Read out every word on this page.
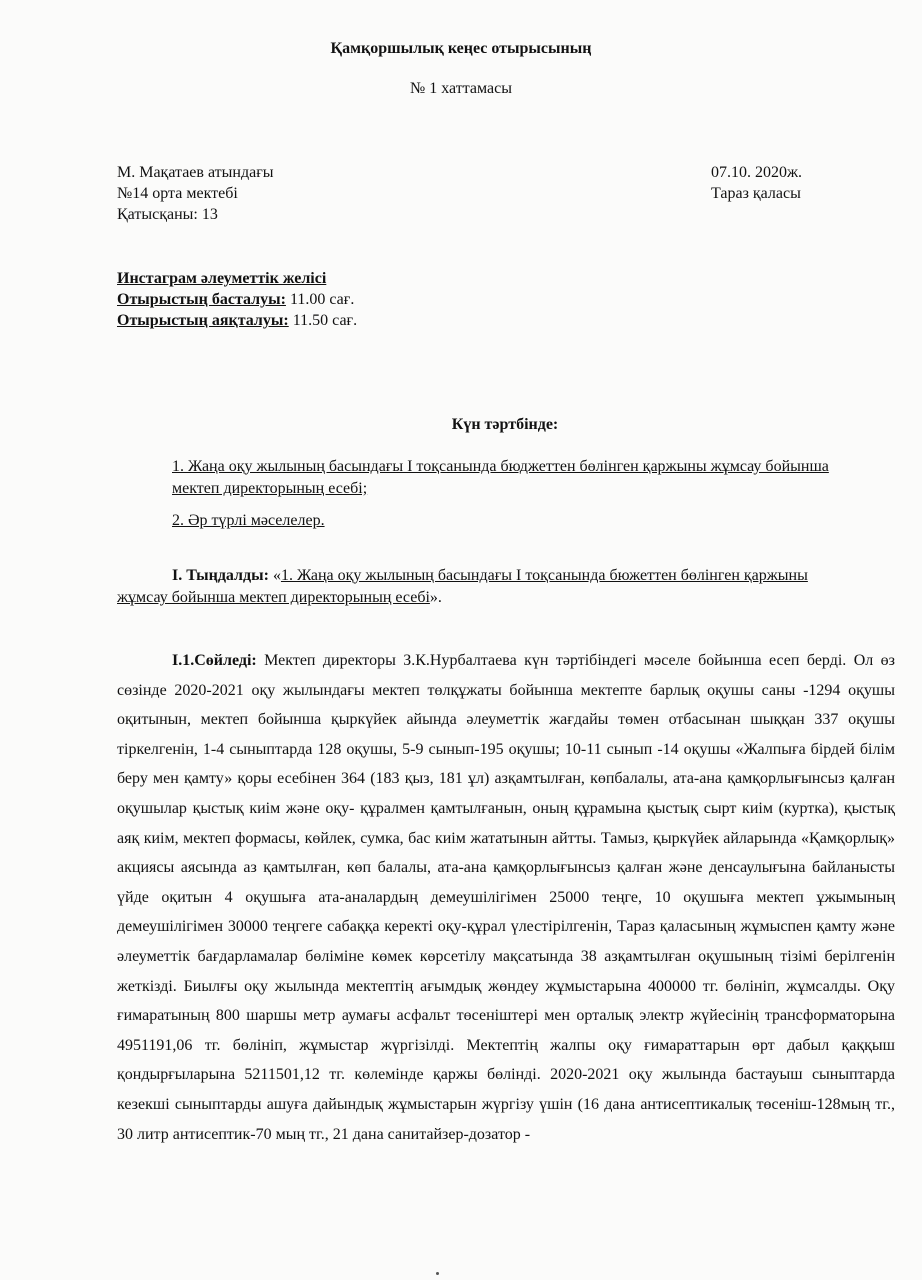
Қамқоршылық кеңес отырысының
№ 1 хаттамасы
М. Мақатаев атындағы
№14 орта мектебі
Қатысқаны: 13
07.10. 2020ж.
Тараз қаласы
Инстаграм әлеуметтік желісі
Отырыстың басталуы: 11.00 сағ.
Отырыстың аяқталуы: 11.50 сағ.
Күн тәртбінде:

1. Жаңа оқу жылының басындағы І тоқсанында бюджеттен бөлінген қаржыны жұмсау бойынша мектеп директорының есебі;

2. Әр түрлі мәселелер.

I. Тыңдалды: «1. Жаңа оқу жылының басындағы І тоқсанында бюжеттен бөлінген қаржыны жұмсау бойынша мектеп директорының есебі».
I.1.Сөйледі: Мектеп директоры З.К.Нурбалтаева күн тәртібіндегі мәселе бойынша есеп берді. Ол өз сөзінде 2020-2021 оқу жылындағы мектеп төлқұжаты бойынша мектепте барлық оқушы саны -1294 оқушы оқитынын, мектеп бойынша қыркүйек айында әлеуметтік жағдайы төмен отбасынан шыққан 337 оқушы тіркелгенін, 1-4 сыныптарда 128 оқушы, 5-9 сынып-195 оқушы; 10-11 сынып -14 оқушы «Жалпыға бірдей білім беру мен қамту» қоры есебінен 364 (183 қыз, 181 ұл) азқамтылған, көпбалалы, ата-ана қамқорлығынсыз қалған оқушылар қыстық киім және оқу- құралмен қамтылғанын, оның құрамына қыстық сырт киім (куртка), қыстық аяқ киім, мектеп формасы, көйлек, сумка, бас киім жататынын айтты. Тамыз, қыркүйек айларында «Қамқорлық» акциясы аясында аз қамтылған, көп балалы, ата-ана қамқорлығынсыз қалған және денсаулығына байланысты үйде оқитын 4 оқушыға ата-аналардың демеушілігімен 25000 теңге, 10 оқушыға мектеп ұжымының демеушілігімен 30000 теңгеге сабаққа керекті оқу-құрал үлестірілгенін, Тараз қаласының жұмыспен қамту және әлеуметтік бағдарламалар бөліміне көмек көрсетілу мақсатында 38 азқамтылған оқушының тізімі берілгенін жеткізді. Биылғы оқу жылында мектептің ағымдық жөндеу жұмыстарына 400000 тг. бөлініп, жұмсалды. Оқу ғимаратының 800 шаршы метр аумағы асфальт төсеніштері мен орталық электр жүйесінің трансформаторына 4951191,06 тг. бөлініп, жұмыстар жүргізілді. Мектептің жалпы оқу ғимараттарын өрт дабыл қаққыш қондырғыларына 5211501,12 тг. көлемінде қаржы бөлінді. 2020-2021 оқу жылында бастауыш сыныптарда кезекші сыныптарды ашуға дайындық жұмыстарын жүргізу үшін (16 дана антисептикалық төсеніш-128мың тг., 30 литр антисептик-70 мың тг., 21 дана санитайзер-дозатор -
